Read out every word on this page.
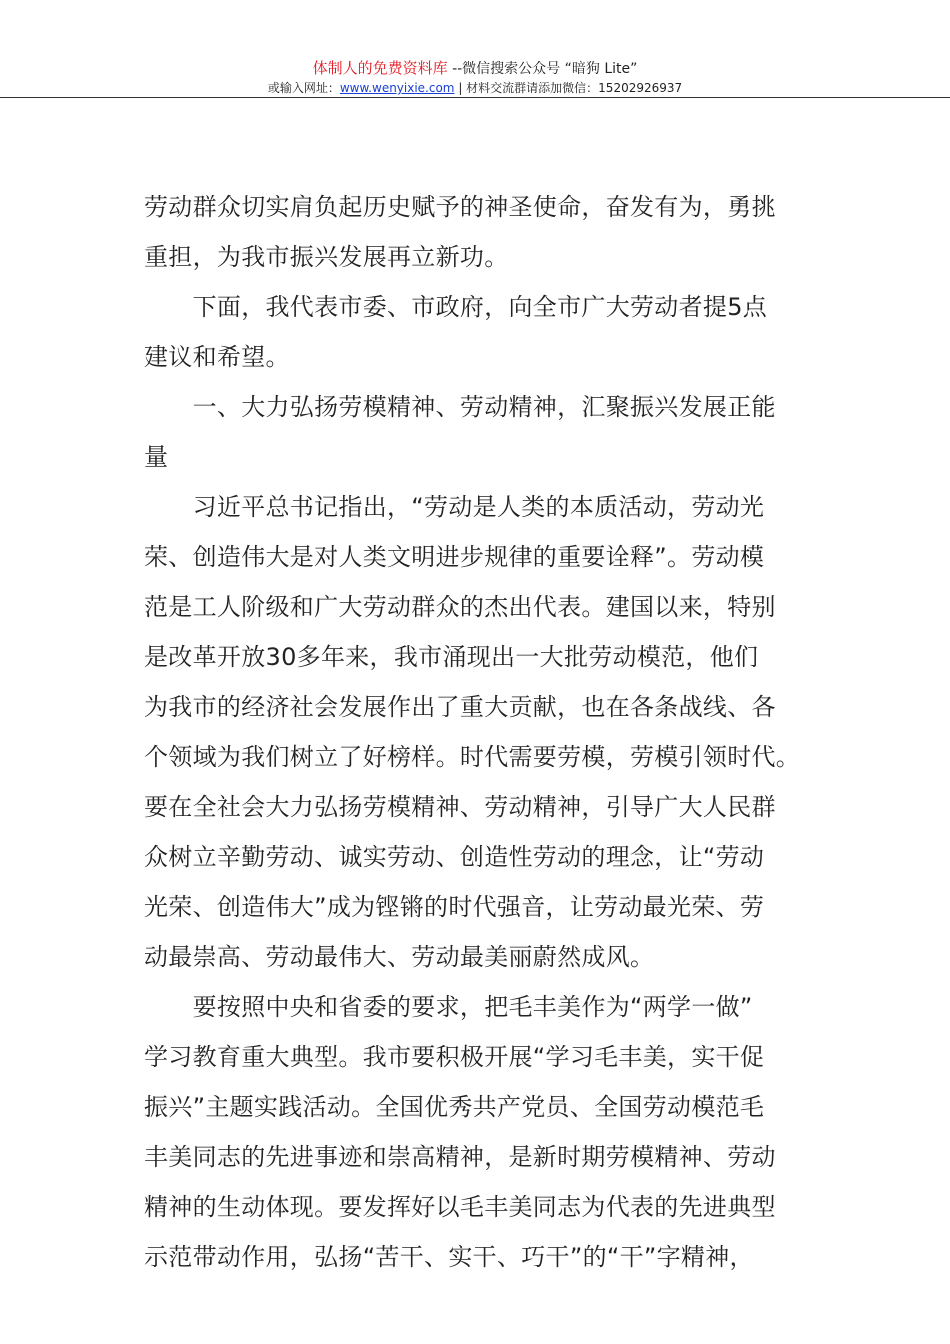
体制人的免费资料库 --微信搜索公众号 “暗狗 Lite”
或输入网址：www.wenyixie.com | 材料交流群请添加微信：15202926937
劳动群众切实肩负起历史赋予的神圣使命，奋发有为，勇挑
重担，为我市振兴发展再立新功。
　　下面，我代表市委、市政府，向全市广大劳动者提5点
建议和希望。
　　一、大力弘扬劳模精神、劳动精神，汇聚振兴发展正能
量
　　习近平总书记指出，“劳动是人类的本质活动，劳动光
荣、创造伟大是对人类文明进步规律的重要诠释”。劳动模
范是工人阶级和广大劳动群众的杰出代表。建国以来，特别
是改革开放30多年来，我市涌现出一大批劳动模范，他们
为我市的经济社会发展作出了重大贡献，也在各条战线、各
个领域为我们树立了好榜样。时代需要劳模，劳模引领时代。
要在全社会大力弘扬劳模精神、劳动精神，引导广大人民群
众树立辛勤劳动、诚实劳动、创造性劳动的理念，让“劳动
光荣、创造伟大”成为铿锵的时代强音，让劳动最光荣、劳
动最崇高、劳动最伟大、劳动最美丽蔚然成风。
　　要按照中央和省委的要求，把毛丰美作为“两学一做”
学习教育重大典型。我市要积极开展“学习毛丰美，实干促
振兴”主题实践活动。全国优秀共产党员、全国劳动模范毛
丰美同志的先进事迹和崇高精神，是新时期劳模精神、劳动
精神的生动体现。要发挥好以毛丰美同志为代表的先进典型
示范带动作用，弘扬“苦干、实干、巧干”的“干”字精神，
